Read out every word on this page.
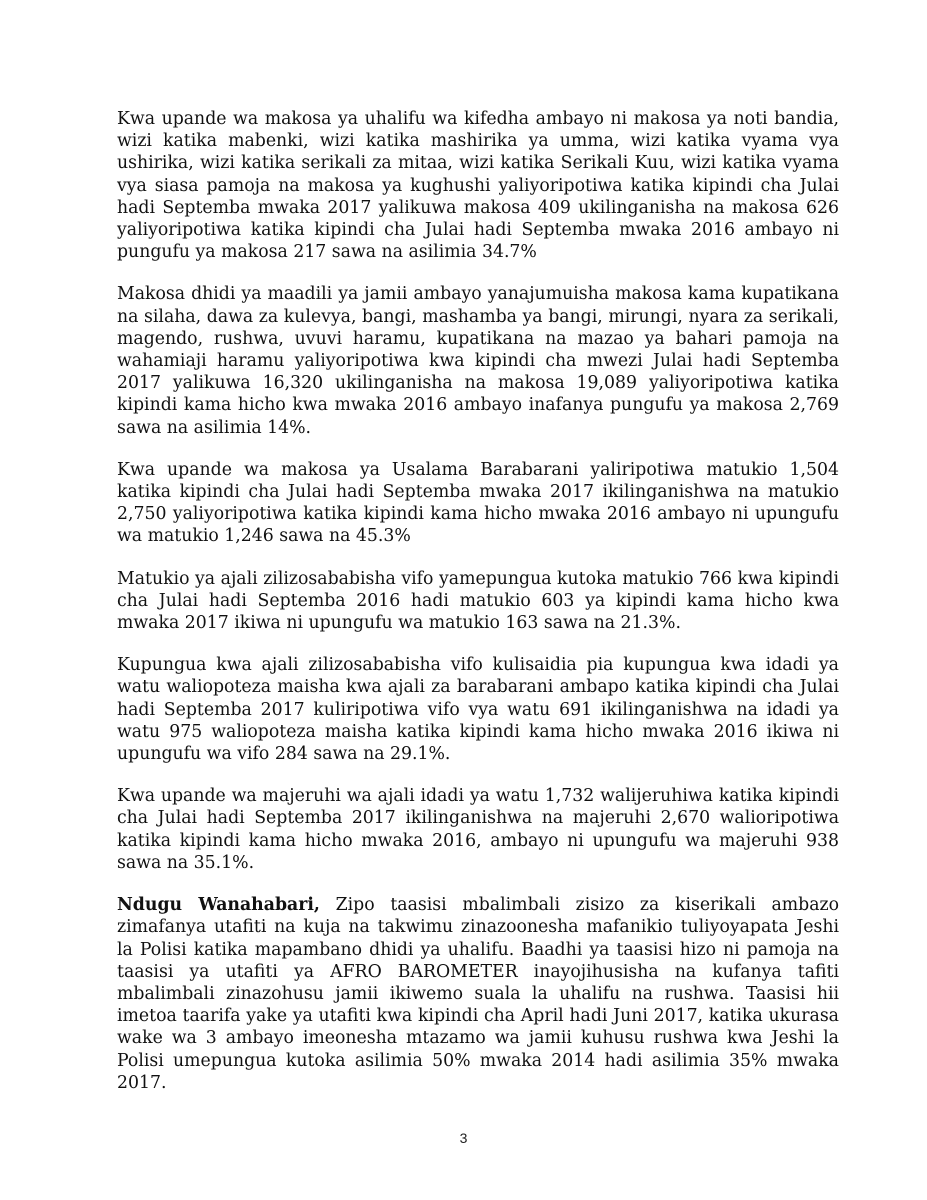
Kwa upande wa makosa ya uhalifu wa kifedha ambayo ni makosa ya noti bandia, wizi katika mabenki, wizi katika mashirika ya umma, wizi katika vyama vya ushirika, wizi katika serikali za mitaa, wizi katika Serikali Kuu, wizi katika vyama vya siasa pamoja na makosa ya kughushi yaliyoripotiwa katika kipindi cha Julai hadi Septemba mwaka 2017 yalikuwa makosa 409 ukilinganisha na makosa 626 yaliyoripotiwa katika kipindi cha Julai hadi Septemba mwaka 2016 ambayo ni pungufu ya makosa 217 sawa na asilimia 34.7%

Makosa dhidi ya maadili ya jamii ambayo yanajumuisha makosa kama kupatikana na silaha, dawa za kulevya, bangi, mashamba ya bangi, mirungi, nyara za serikali, magendo, rushwa, uvuvi haramu, kupatikana na mazao ya bahari pamoja na wahamiaji haramu yaliyoripotiwa kwa kipindi cha mwezi Julai hadi Septemba 2017 yalikuwa 16,320 ukilinganisha na makosa 19,089 yaliyoripotiwa katika kipindi kama hicho kwa mwaka 2016 ambayo inafanya pungufu ya makosa 2,769 sawa na asilimia 14%.

Kwa upande wa makosa ya Usalama Barabarani yaliripotiwa matukio 1,504 katika kipindi cha Julai hadi Septemba mwaka 2017 ikilinganishwa na matukio 2,750 yaliyoripotiwa katika kipindi kama hicho mwaka 2016 ambayo ni upungufu wa matukio 1,246 sawa na 45.3%

Matukio ya ajali zilizosababisha vifo yamepungua kutoka matukio 766 kwa kipindi cha Julai hadi Septemba 2016 hadi matukio 603 ya kipindi kama hicho kwa mwaka 2017 ikiwa ni upungufu wa matukio 163 sawa na 21.3%.

Kupungua kwa ajali zilizosababisha vifo kulisaidia pia kupungua kwa idadi ya watu waliopoteza maisha kwa ajali za barabarani ambapo katika kipindi cha Julai hadi Septemba 2017 kuliripotiwa vifo vya watu 691 ikilinganishwa na idadi ya watu 975 waliopoteza maisha katika kipindi kama hicho mwaka 2016 ikiwa ni upungufu wa vifo 284 sawa na 29.1%.

Kwa upande wa majeruhi wa ajali idadi ya watu 1,732 walijeruhiwa katika kipindi cha Julai hadi Septemba 2017 ikilinganishwa na majeruhi 2,670 walioripotiwa katika kipindi kama hicho mwaka 2016, ambayo ni upungufu wa majeruhi 938 sawa na 35.1%.

Ndugu Wanahabari, Zipo taasisi mbalimbali zisizo za kiserikali ambazo zimafanya utafiti na kuja na takwimu zinazoonesha mafanikio tuliyoyapata Jeshi la Polisi katika mapambano dhidi ya uhalifu. Baadhi ya taasisi hizo ni pamoja na taasisi ya utafiti ya AFRO BAROMETER inayojihusisha na kufanya tafiti mbalimbali zinazohusu jamii ikiwemo suala la uhalifu na rushwa. Taasisi hii imetoa taarifa yake ya utafiti kwa kipindi cha April hadi Juni 2017, katika ukurasa wake wa 3 ambayo imeonesha mtazamo wa jamii kuhusu rushwa kwa Jeshi la Polisi umepungua kutoka asilimia 50% mwaka 2014 hadi asilimia 35% mwaka 2017.

3
